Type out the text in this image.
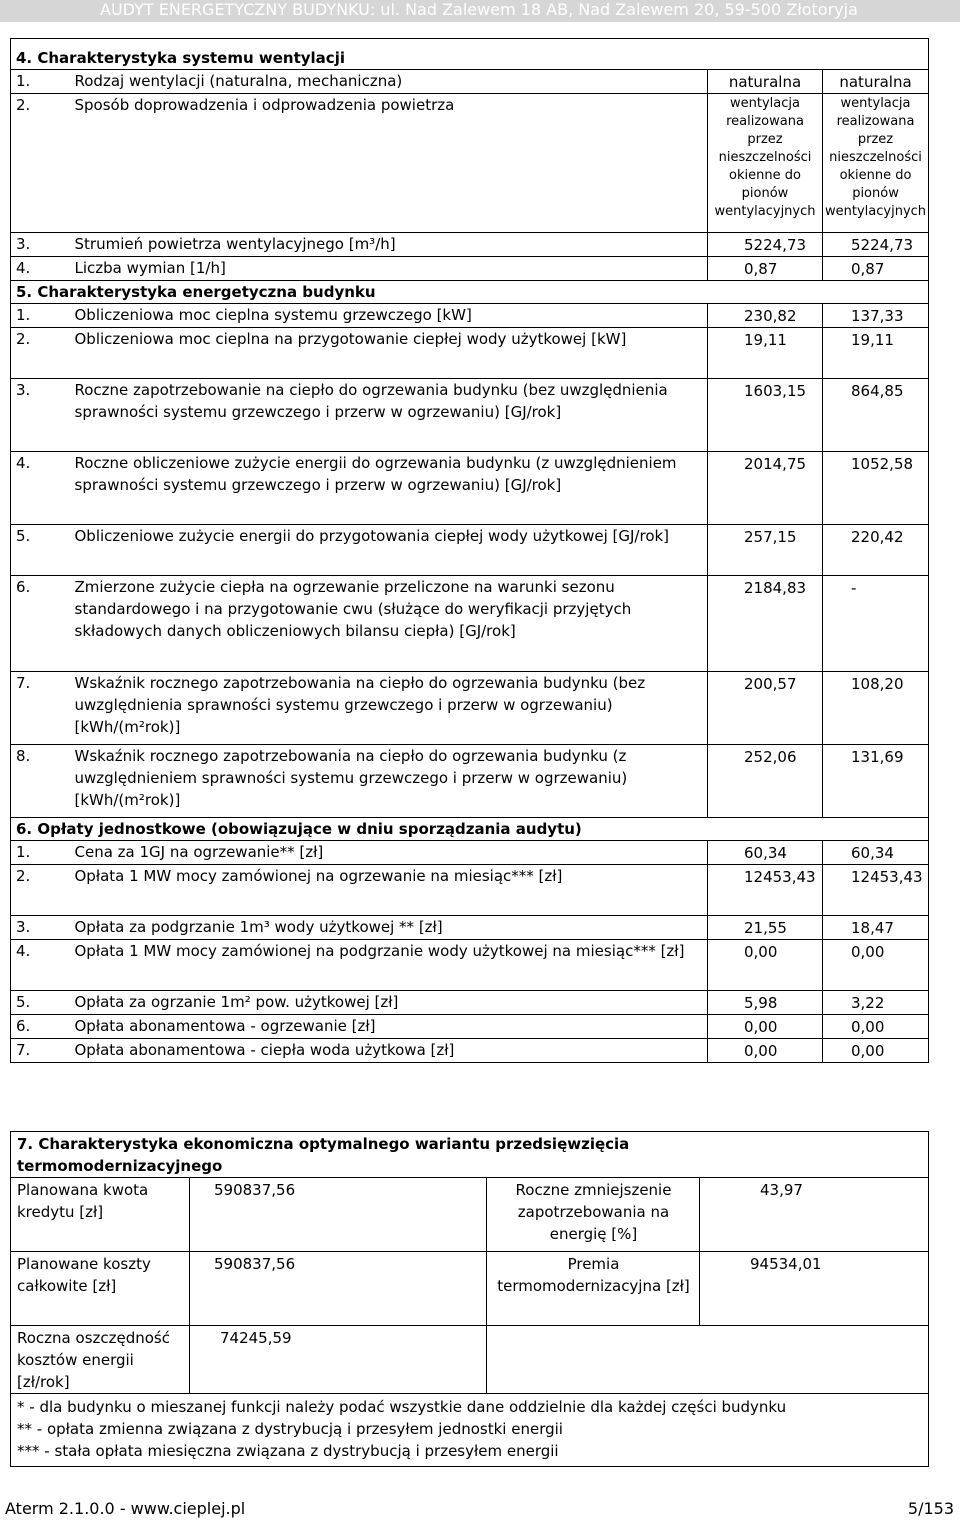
AUDYT ENERGETYCZNY BUDYNKU: ul. Nad Zalewem 18 AB, Nad Zalewem 20, 59-500 Złotoryja
4. Charakterystyka systemu wentylacji			
1.	Rodzaj wentylacji (naturalna, mechaniczna)	naturalna	naturalna
2.	Sposób doprowadzenia i odprowadzenia powietrza	wentylacja realizowana przez nieszczelności okienne do pionów wentylacyjnych	wentylacja realizowana przez nieszczelności okienne do pionów wentylacyjnych
3.	Strumień powietrza wentylacyjnego [m³/h]	5224,73	5224,73
4.	Liczba wymian [1/h]	0,87	0,87
5. Charakterystyka energetyczna budynku			
1.	Obliczeniowa moc cieplna systemu grzewczego [kW]	230,82	137,33
2.	Obliczeniowa moc cieplna na przygotowanie ciepłej wody użytkowej [kW]	19,11	19,11
3.	Roczne zapotrzebowanie na ciepło do ogrzewania budynku (bez uwzględnienia sprawności systemu grzewczego i przerw w ogrzewaniu) [GJ/rok]	1603,15	864,85
4.	Roczne obliczeniowe zużycie energii do ogrzewania budynku (z uwzględnieniem sprawności systemu grzewczego i przerw w ogrzewaniu) [GJ/rok]	2014,75	1052,58
5.	Obliczeniowe zużycie energii do przygotowania ciepłej wody użytkowej [GJ/rok]	257,15	220,42
6.	Zmierzone zużycie ciepła na ogrzewanie przeliczone na warunki sezonu standardowego i na przygotowanie cwu (służące do weryfikacji przyjętych składowych danych obliczeniowych bilansu ciepła) [GJ/rok]	2184,83	-
7.	Wskaźnik rocznego zapotrzebowania na ciepło do ogrzewania budynku (bez uwzględnienia sprawności systemu grzewczego i przerw w ogrzewaniu) [kWh/(m²rok)]	200,57	108,20
8.	Wskaźnik rocznego zapotrzebowania na ciepło do ogrzewania budynku (z uwzględnieniem sprawności systemu grzewczego i przerw w ogrzewaniu) [kWh/(m²rok)]	252,06	131,69
6. Opłaty jednostkowe (obowiązujące w dniu sporządzania audytu)			
1.	Cena za 1GJ na ogrzewanie** [zł]	60,34	60,34
2.	Opłata 1 MW mocy zamówionej na ogrzewanie na miesiąc*** [zł]	12453,43	12453,43
3.	Opłata za podgrzanie 1m³ wody użytkowej ** [zł]	21,55	18,47
4.	Opłata 1 MW mocy zamówionej na podgrzanie wody użytkowej na miesiąc*** [zł]	0,00	0,00
5.	Opłata za ogrzanie 1m² pow. użytkowej [zł]	5,98	3,22
6.	Opłata abonamentowa - ogrzewanie [zł]	0,00	0,00
7.	Opłata abonamentowa - ciepła woda użytkowa [zł]	0,00	0,00
7. Charakterystyka ekonomiczna optymalnego wariantu przedsięwzięcia termomodernizacyjnego			
Planowana kwota kredytu [zł]	590837,56	Roczne zmniejszenie zapotrzebowania na energię [%]	43,97
Planowane koszty całkowite [zł]	590837,56	Premia termomodernizacyjna [zł]	94534,01
Roczna oszczędność kosztów energii [zł/rok]	74245,59		

* - dla budynku o mieszanej funkcji należy podać wszystkie dane oddzielnie dla każdej części budynku
** - opłata zmienna związana z dystrybucją i przesyłem jednostki energii
*** - stała opłata miesięczna związana z dystrybucją i przesyłem energii			
Aterm 2.1.0.0 - www.cieplej.pl	5/153
